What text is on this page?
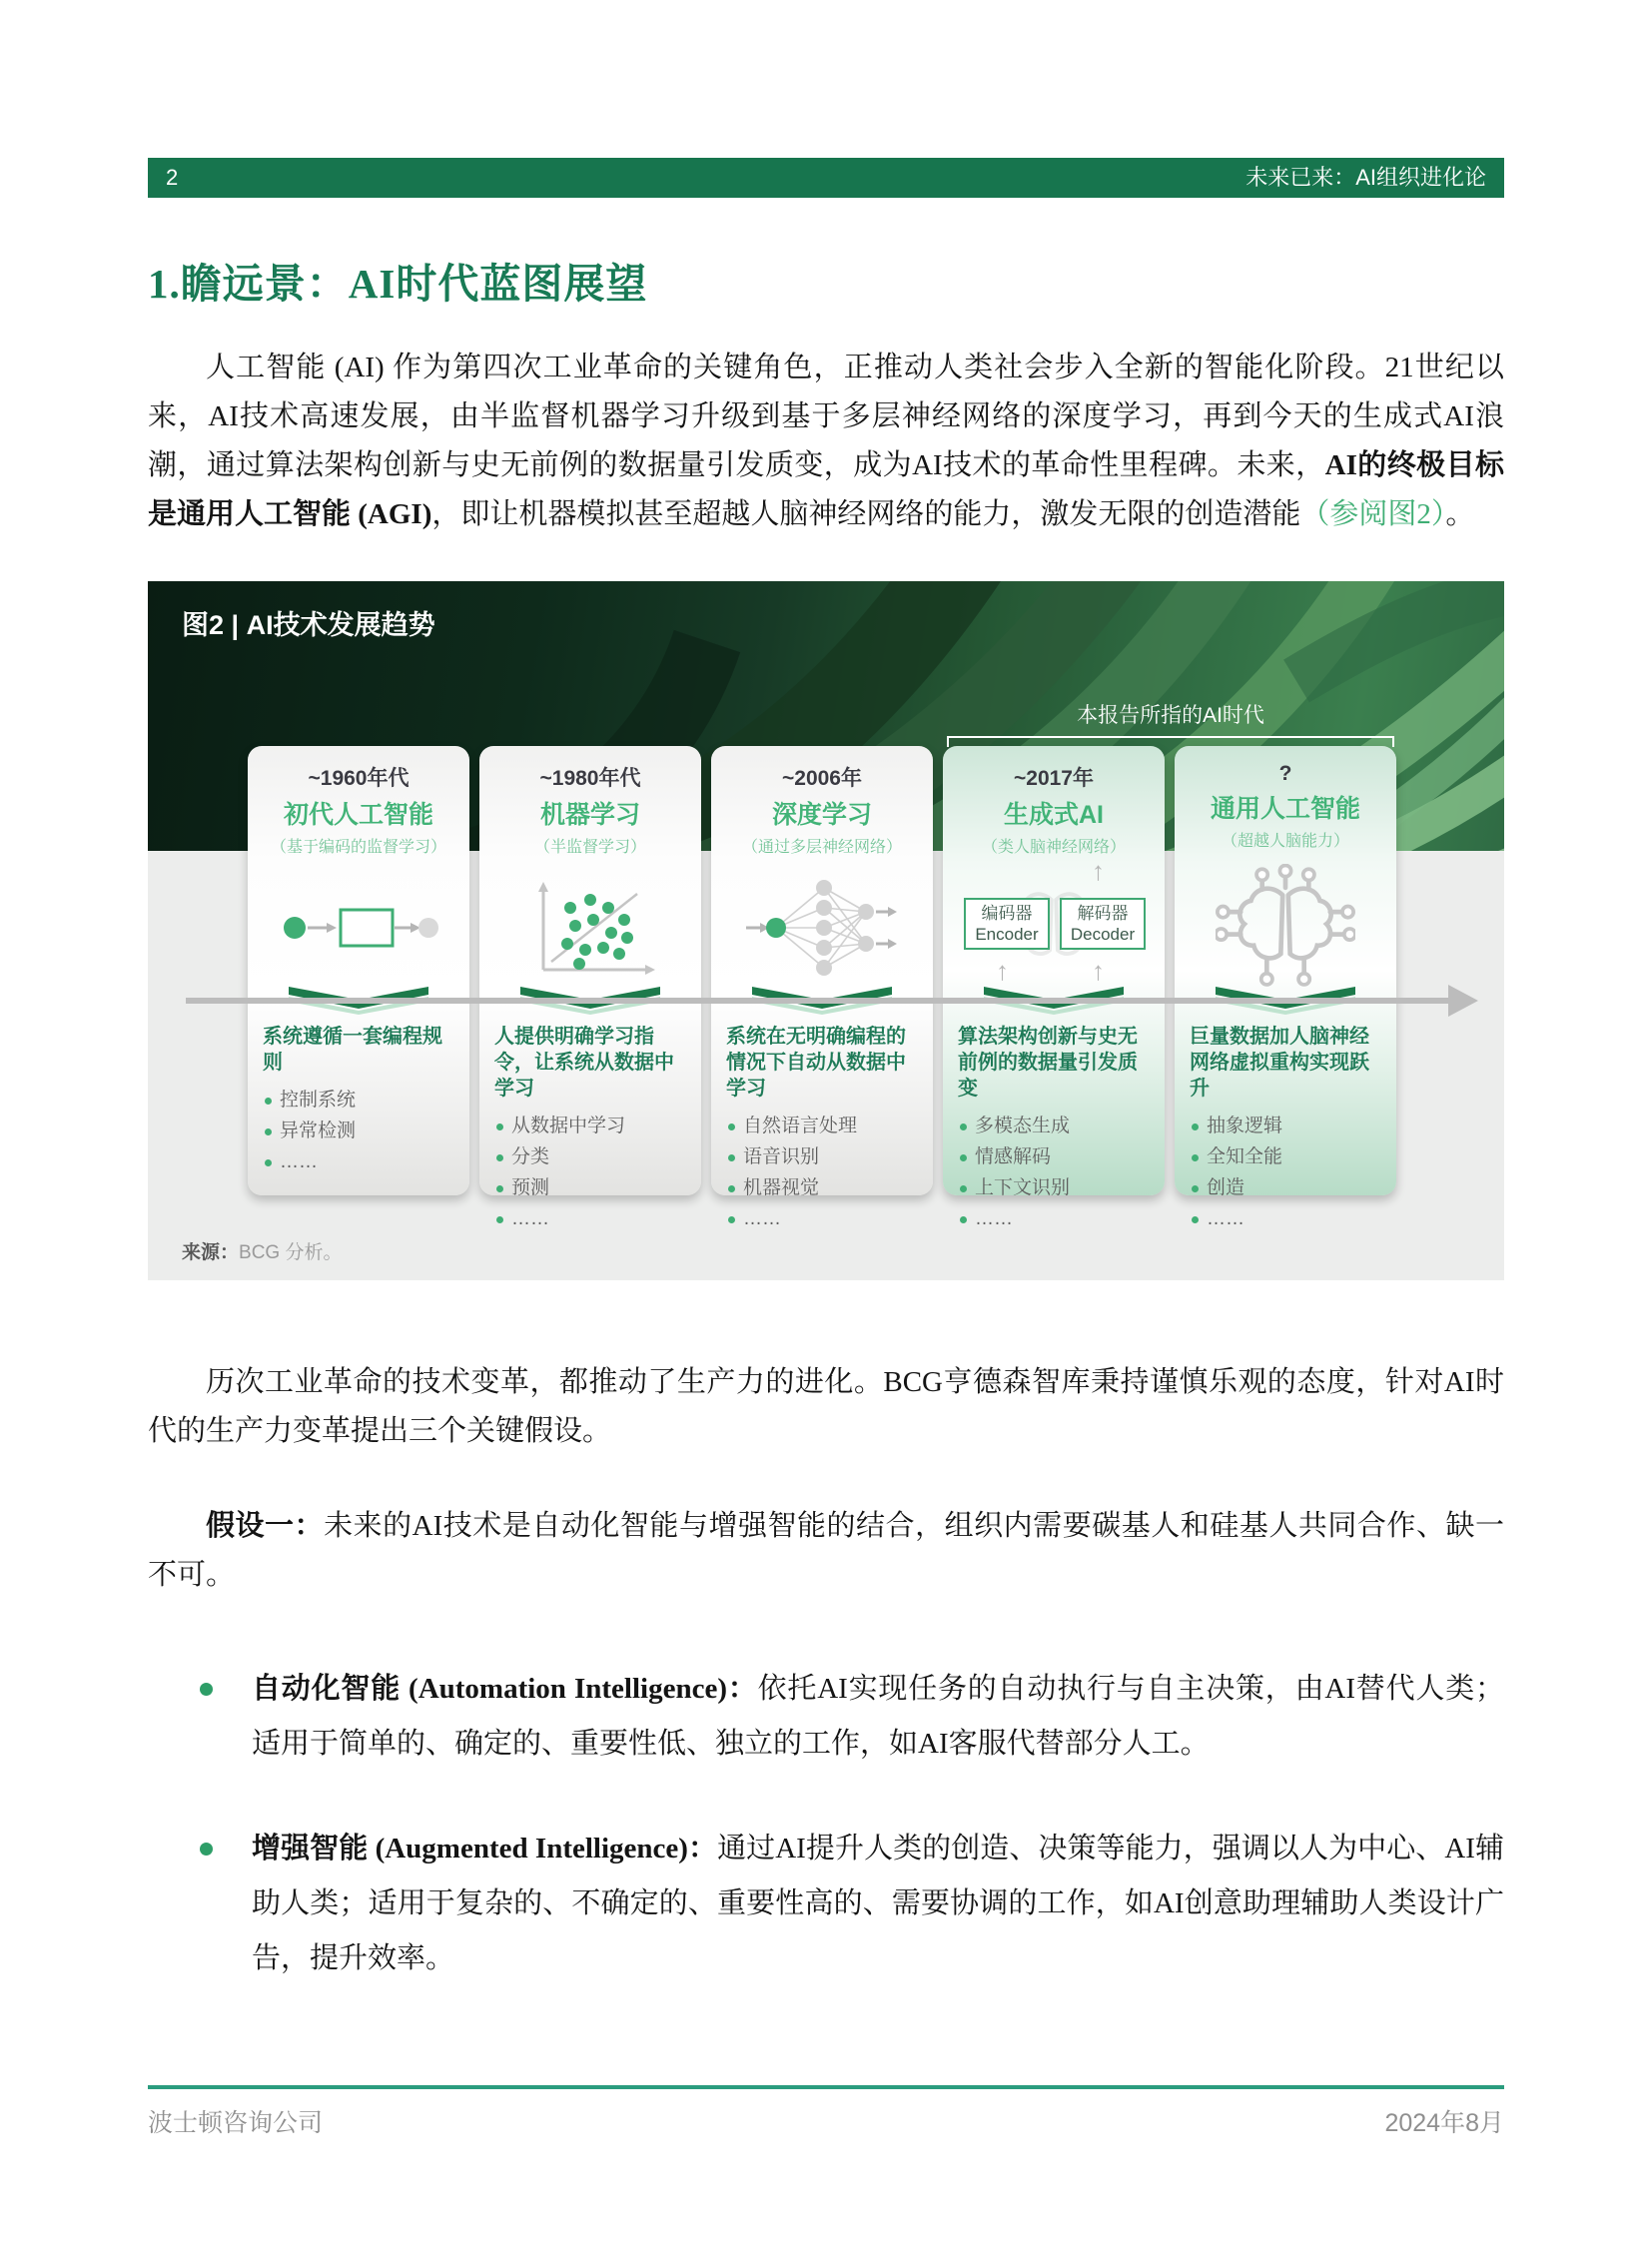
2	未来已来：AI组织进化论
1.瞻远景：AI时代蓝图展望

人工智能 (AI) 作为第四次工业革命的关键角色，正推动人类社会步入全新的智能化阶段。21世纪以来，AI技术高速发展，由半监督机器学习升级到基于多层神经网络的深度学习，再到今天的生成式AI浪潮，通过算法架构创新与史无前例的数据量引发质变，成为AI技术的革命性里程碑。未来，AI的终极目标是通用人工智能 (AGI)，即让机器模拟甚至超越人脑神经网络的能力，激发无限的创造潜能（参阅图2）。

图2 | AI技术发展趋势
本报告所指的AI时代
~1960年代
初代人工智能
（基于编码的监督学习）
系统遵循一套编程规则
控制系统
异常检测
……
~1980年代
机器学习
（半监督学习）
人提供明确学习指令，让系统从数据中学习
从数据中学习
分类
预测
……
~2006年
深度学习
（通过多层神经网络）
系统在无明确编程的情况下自动从数据中学习
自然语言处理
语音识别
机器视觉
……
~2017年
生成式AI
（类人脑神经网络）
↑	↑
↑
编码器
Encoder
解码器
Decoder
算法架构创新与史无前例的数据量引发质变
多模态生成
情感解码
上下文识别
……
?
通用人工智能
（超越人脑能力）
巨量数据加人脑神经网络虚拟重构实现跃升
抽象逻辑
全知全能
创造
……
来源：BCG 分析。

历次工业革命的技术变革，都推动了生产力的进化。BCG亨德森智库秉持谨慎乐观的态度，针对AI时代的生产力变革提出三个关键假设。

假设一：未来的AI技术是自动化智能与增强智能的结合，组织内需要碳基人和硅基人共同合作、缺一不可。

自动化智能 (Automation Intelligence)：依托AI实现任务的自动执行与自主决策，由AI替代人类；适用于简单的、确定的、重要性低、独立的工作，如AI客服代替部分人工。
增强智能 (Augmented Intelligence)：通过AI提升人类的创造、决策等能力，强调以人为中心、AI辅助人类；适用于复杂的、不确定的、重要性高的、需要协调的工作，如AI创意助理辅助人类设计广告，提升效率。
波士顿咨询公司	2024年8月
